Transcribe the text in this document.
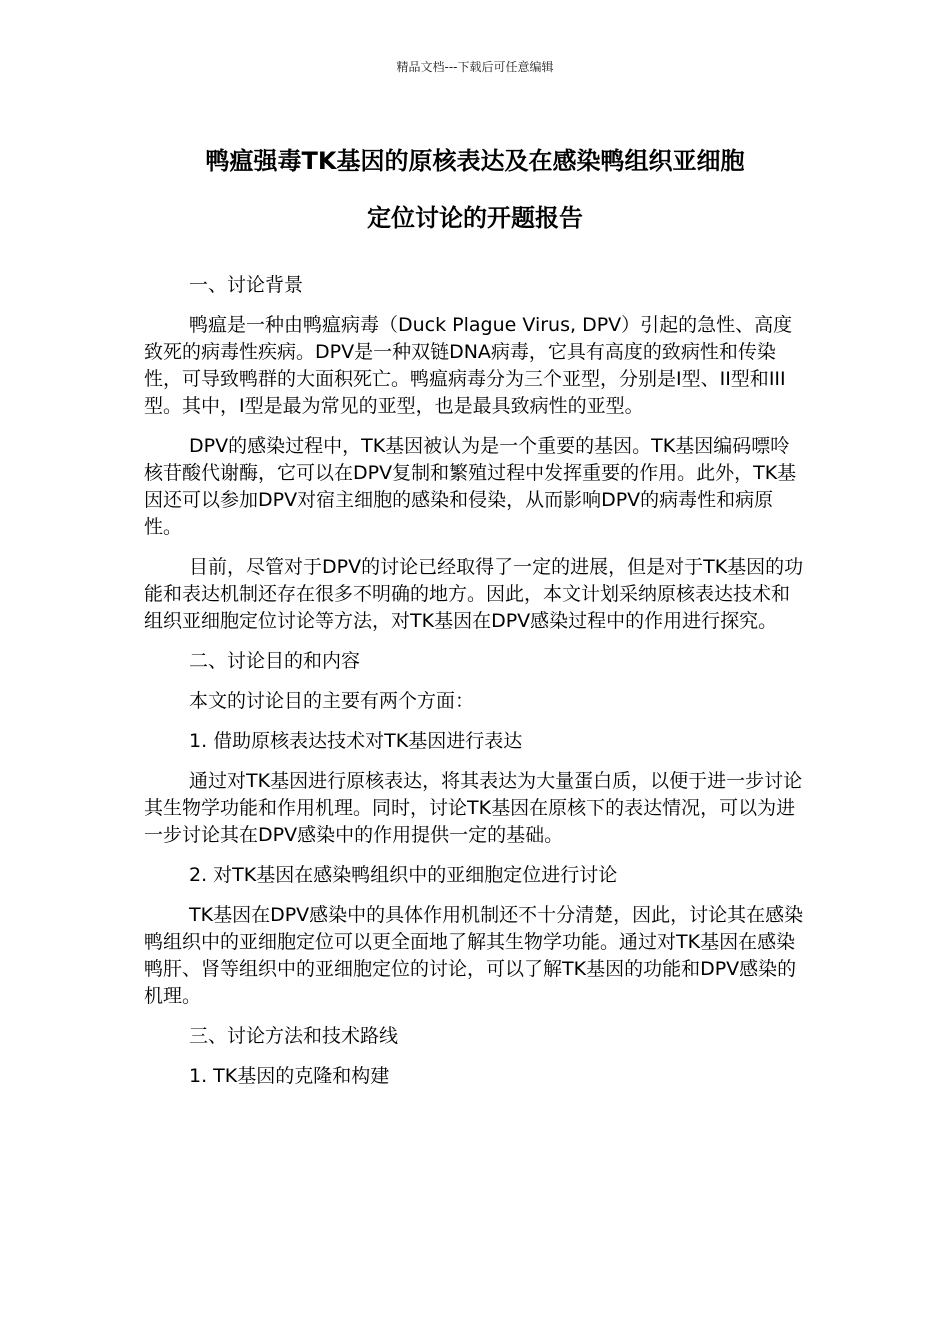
精品文档---下载后可任意编辑
鸭瘟强毒TK基因的原核表达及在感染鸭组织亚细胞
定位讨论的开题报告

一、讨论背景

鸭瘟是一种由鸭瘟病毒（Duck Plague Virus, DPV）引起的急性、高度致死的病毒性疾病。DPV是一种双链DNA病毒，它具有高度的致病性和传染性，可导致鸭群的大面积死亡。鸭瘟病毒分为三个亚型，分别是I型、II型和III型。其中，I型是最为常见的亚型，也是最具致病性的亚型。

DPV的感染过程中，TK基因被认为是一个重要的基因。TK基因编码嘌呤核苷酸代谢酶，它可以在DPV复制和繁殖过程中发挥重要的作用。此外，TK基因还可以参加DPV对宿主细胞的感染和侵染，从而影响DPV的病毒性和病原性。

目前，尽管对于DPV的讨论已经取得了一定的进展，但是对于TK基因的功能和表达机制还存在很多不明确的地方。因此，本文计划采纳原核表达技术和组织亚细胞定位讨论等方法，对TK基因在DPV感染过程中的作用进行探究。

二、讨论目的和内容

本文的讨论目的主要有两个方面：

1. 借助原核表达技术对TK基因进行表达

通过对TK基因进行原核表达，将其表达为大量蛋白质，以便于进一步讨论其生物学功能和作用机理。同时，讨论TK基因在原核下的表达情况，可以为进一步讨论其在DPV感染中的作用提供一定的基础。

2. 对TK基因在感染鸭组织中的亚细胞定位进行讨论

TK基因在DPV感染中的具体作用机制还不十分清楚，因此，讨论其在感染鸭组织中的亚细胞定位可以更全面地了解其生物学功能。通过对TK基因在感染鸭肝、肾等组织中的亚细胞定位的讨论，可以了解TK基因的功能和DPV感染的机理。

三、讨论方法和技术路线

1. TK基因的克隆和构建
